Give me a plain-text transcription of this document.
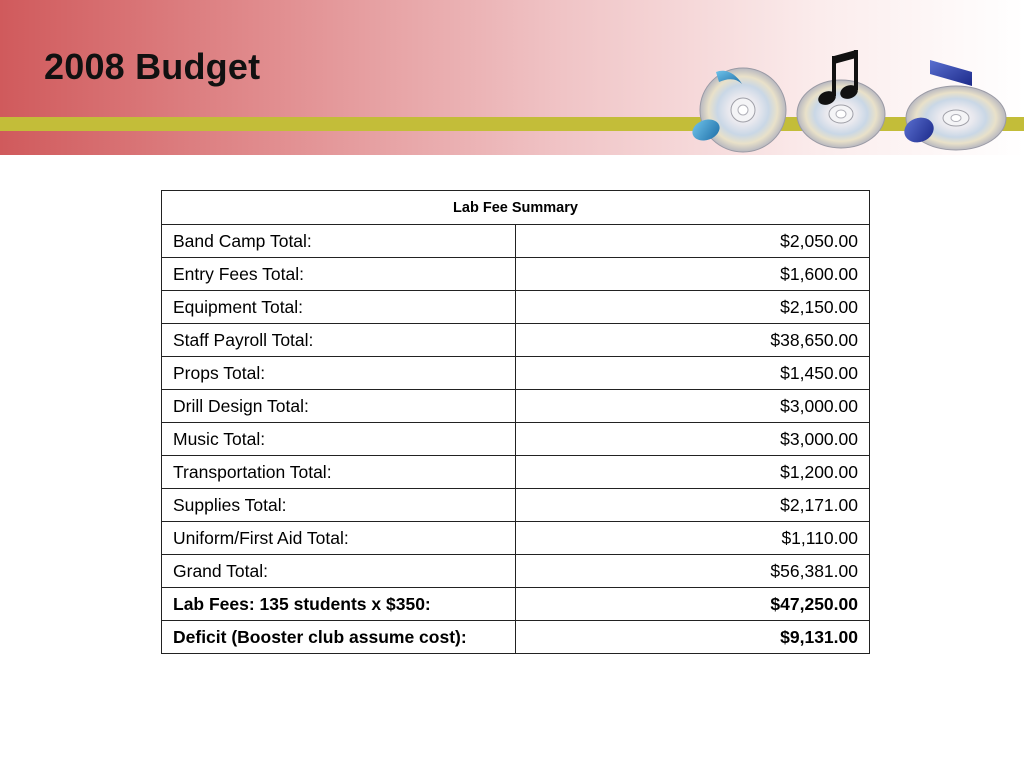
2008 Budget
Lab Fee Summary	
Band Camp Total:	$2,050.00
Entry Fees Total:	$1,600.00
Equipment Total:	$2,150.00
Staff Payroll Total:	$38,650.00
Props Total:	$1,450.00
Drill Design Total:	$3,000.00
Music Total:	$3,000.00
Transportation Total:	$1,200.00
Supplies Total:	$2,171.00
Uniform/First Aid Total:	$1,110.00
Grand Total:	$56,381.00
Lab Fees: 135 students x $350:	$47,250.00
Deficit (Booster club assume cost):	$9,131.00
